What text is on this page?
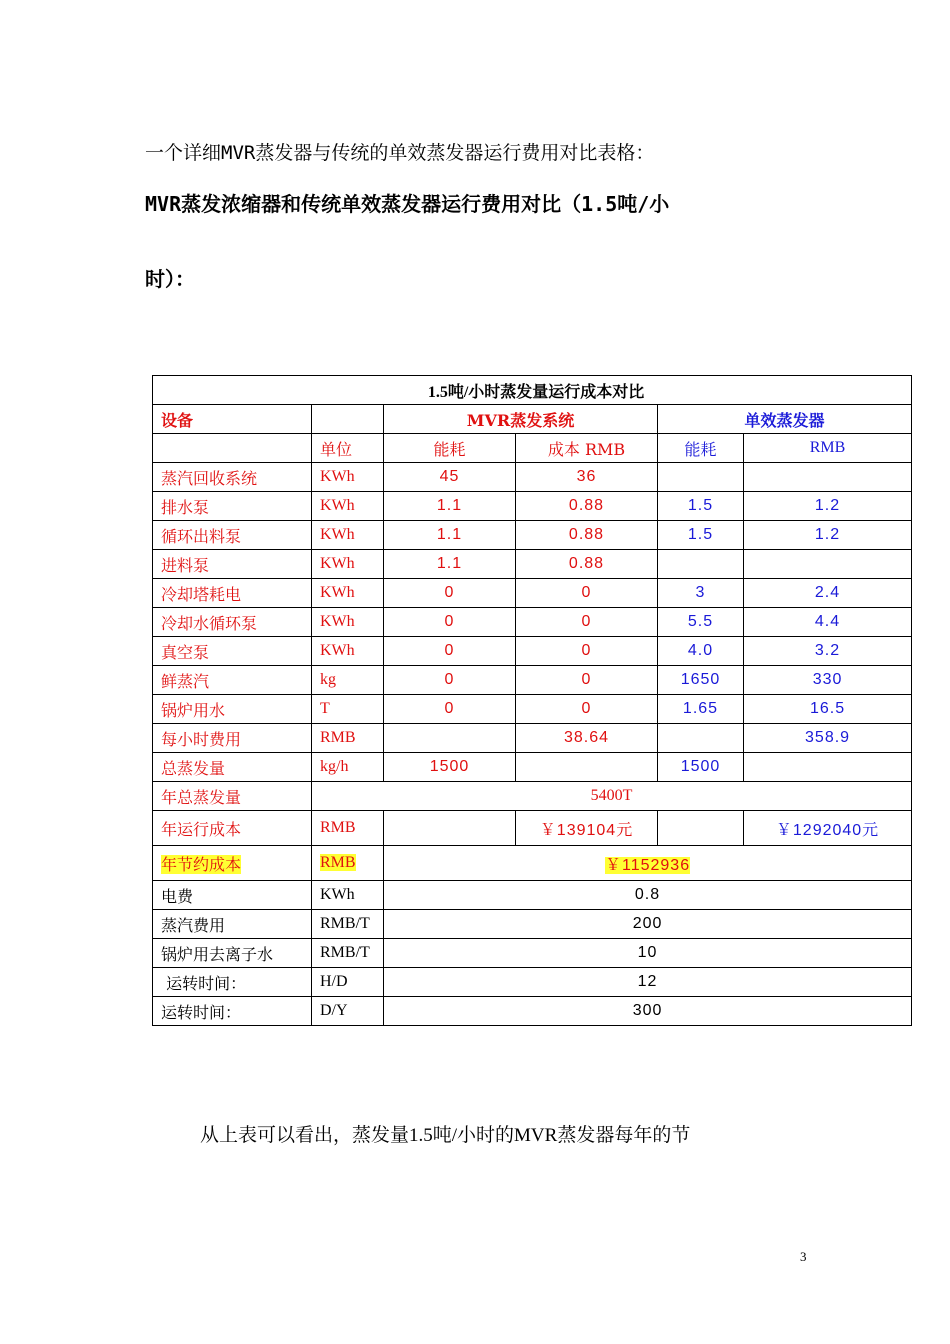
一个详细MVR蒸发器与传统的单效蒸发器运行费用对比表格：
MVR蒸发浓缩器和传统单效蒸发器运行费用对比（1.5吨/小
时）：
1.5吨/小时蒸发量运行成本对比					
设备		MVR蒸发系统		单效蒸发器	
	单位	能耗	成本 RMB	能耗	RMB
蒸汽回收系统	KWh	45	36		
排水泵	KWh	1.1	0.88	1.5	1.2
循环出料泵	KWh	1.1	0.88	1.5	1.2
进料泵	KWh	1.1	0.88		
冷却塔耗电	KWh	0	0	3	2.4
冷却水循环泵	KWh	0	0	5.5	4.4
真空泵	KWh	0	0	4.0	3.2
鲜蒸汽	kg	0	0	1650	330
锅炉用水	T	0	0	1.65	16.5
每小时费用	RMB		38.64		358.9
总蒸发量	kg/h	1500		1500	
年总蒸发量	5400T				
年运行成本	RMB		￥139104元		￥1292040元
年节约成本	RMB	￥1152936			
电费	KWh	0.8			
蒸汽费用	RMB/T	200			
锅炉用去离子水	RMB/T	10			
运转时间：	H/D	12			
运转时间：	D/Y	300			
从上表可以看出，蒸发量1.5吨/小时的MVR蒸发器每年的节
3
